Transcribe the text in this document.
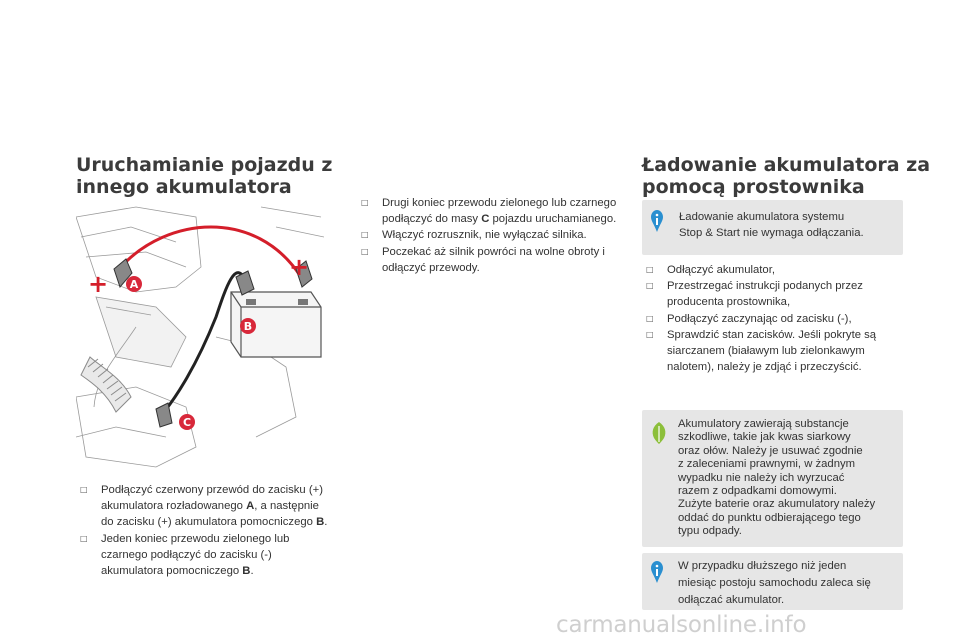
Uruchamianie pojazdu z
innego akumulatora
+
+
A
B
C
□ Podłączyć czerwony przewód do zacisku (+) akumulatora rozładowanego A, a następnie do zacisku (+) akumulatora pomocniczego B.
□ Jeden koniec przewodu zielonego lub czarnego podłączyć do zacisku (-) akumulatora pomocniczego B.
□ Drugi koniec przewodu zielonego lub czarnego podłączyć do masy C pojazdu uruchamianego.
□ Włączyć rozrusznik, nie wyłączać silnika.
□ Poczekać aż silnik powróci na wolne obroty i odłączyć przewody.
Ładowanie akumulatora za
pomocą prostownika
Ładowanie akumulatora systemu
Stop & Start nie wymaga odłączania.
□ Odłączyć akumulator,
□ Przestrzegać instrukcji podanych przez producenta prostownika,
□ Podłączyć zaczynając od zacisku (-),
□ Sprawdzić stan zacisków. Jeśli pokryte są siarczanem (białawym lub zielonkawym nalotem), należy je zdjąć i przeczyścić.
Akumulatory zawierają substancje
szkodliwe, takie jak kwas siarkowy
oraz ołów. Należy je usuwać zgodnie
z zaleceniami prawnymi, w żadnym
wypadku nie należy ich wyrzucać
razem z odpadkami domowymi.
Zużyte baterie oraz akumulatory należy
oddać do punktu odbierającego tego
typu odpady.
W przypadku dłuższego niż jeden
miesiąc postoju samochodu zaleca się
odłączać akumulator.
carmanualsonline.info
